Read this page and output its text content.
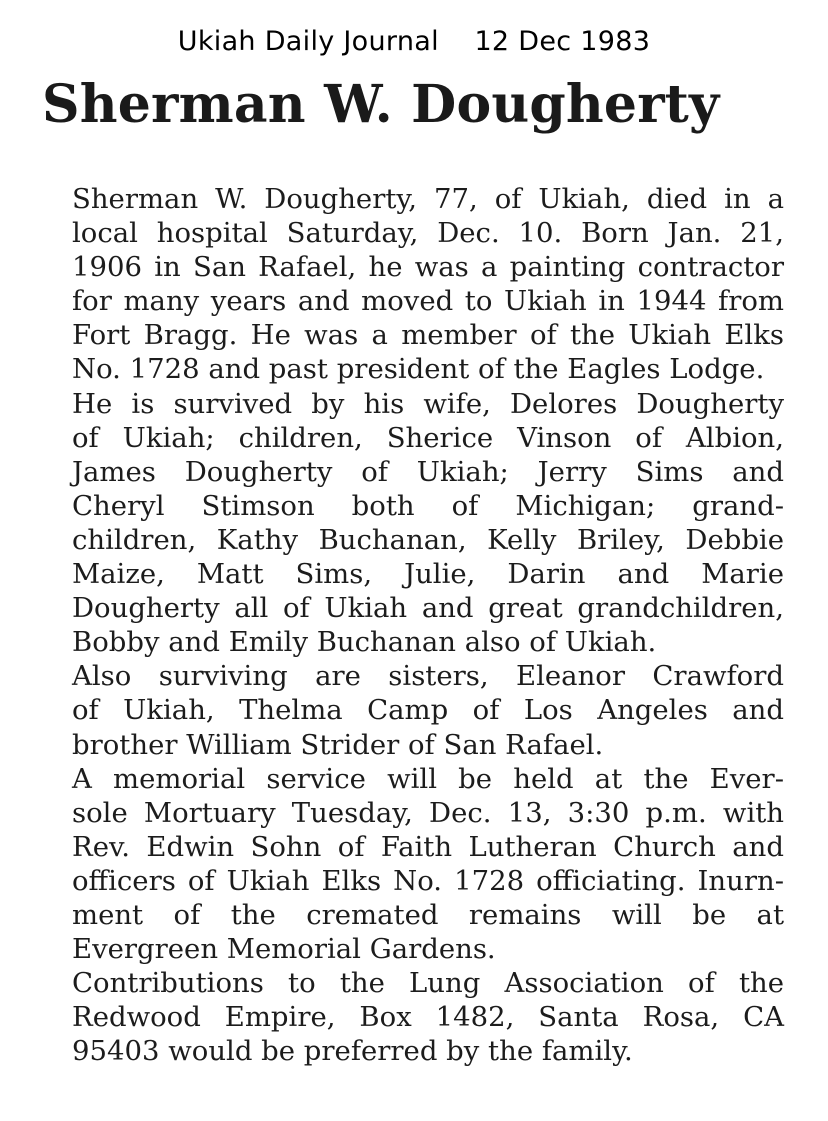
Ukiah Daily Journal 12 Dec 1983
Sherman W. Dougherty

Sherman W. Dougherty, 77, of Ukiah, died in a
local hospital Saturday, Dec. 10. Born Jan. 21,
1906 in San Rafael, he was a painting contractor
for many years and moved to Ukiah in 1944 from
Fort Bragg. He was a member of the Ukiah Elks
No. 1728 and past president of the Eagles Lodge.

He is survived by his wife, Delores Dougherty
of Ukiah; children, Sherice Vinson of Albion,
James Dougherty of Ukiah; Jerry Sims and
Cheryl Stimson both of Michigan; grand-
children, Kathy Buchanan, Kelly Briley, Debbie
Maize, Matt Sims, Julie, Darin and Marie
Dougherty all of Ukiah and great grandchildren,
Bobby and Emily Buchanan also of Ukiah.

Also surviving are sisters, Eleanor Crawford
of Ukiah, Thelma Camp of Los Angeles and
brother William Strider of San Rafael.

A memorial service will be held at the Ever-
sole Mortuary Tuesday, Dec. 13, 3:30 p.m. with
Rev. Edwin Sohn of Faith Lutheran Church and
officers of Ukiah Elks No. 1728 officiating. Inurn-
ment of the cremated remains will be at
Evergreen Memorial Gardens.

Contributions to the Lung Association of the
Redwood Empire, Box 1482, Santa Rosa, CA
95403 would be preferred by the family.
